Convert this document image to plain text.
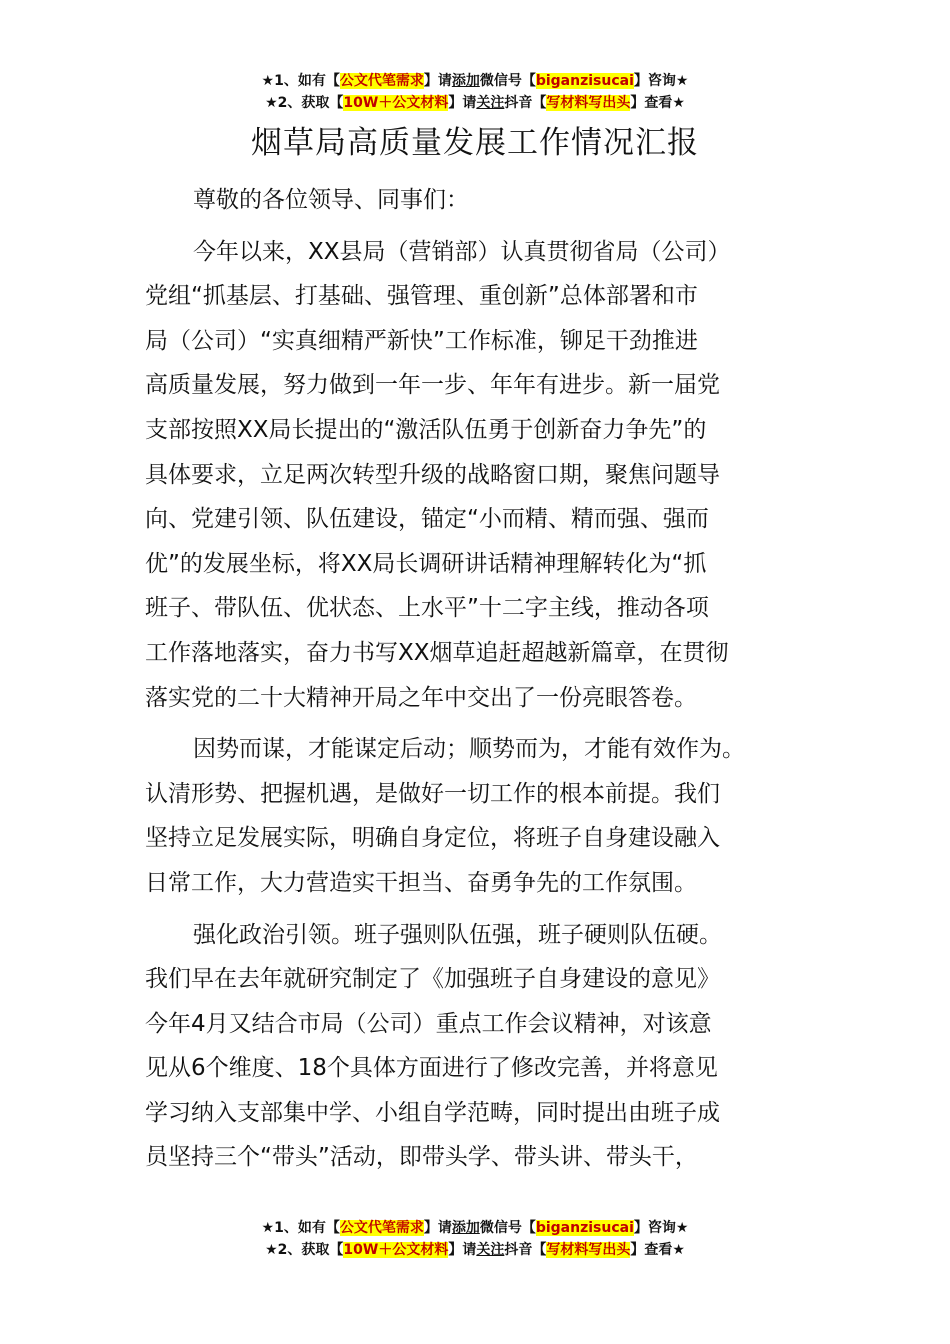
★1、如有【公文代笔需求】请添加微信号【biganzisucai】咨询★
★2、获取【10W＋公文材料】请关注抖音【写材料写出头】查看★
烟草局高质量发展工作情况汇报

尊敬的各位领导、同事们：

今年以来，XX县局（营销部）认真贯彻省局（公司）

党组“抓基层、打基础、强管理、重创新”总体部署和市

局（公司）“实真细精严新快”工作标准，铆足干劲推进

高质量发展，努力做到一年一步、年年有进步。新一届党

支部按照XX局长提出的“激活队伍勇于创新奋力争先”的

具体要求，立足两次转型升级的战略窗口期，聚焦问题导

向、党建引领、队伍建设，锚定“小而精、精而强、强而

优”的发展坐标，将XX局长调研讲话精神理解转化为“抓

班子、带队伍、优状态、上水平”十二字主线，推动各项

工作落地落实，奋力书写XX烟草追赶超越新篇章，在贯彻

落实党的二十大精神开局之年中交出了一份亮眼答卷。

因势而谋，才能谋定后动；顺势而为，才能有效作为。

认清形势、把握机遇，是做好一切工作的根本前提。我们

坚持立足发展实际，明确自身定位，将班子自身建设融入

日常工作，大力营造实干担当、奋勇争先的工作氛围。

强化政治引领。班子强则队伍强，班子硬则队伍硬。

我们早在去年就研究制定了《加强班子自身建设的意见》

今年4月又结合市局（公司）重点工作会议精神，对该意

见从6个维度、18个具体方面进行了修改完善，并将意见

学习纳入支部集中学、小组自学范畴，同时提出由班子成

员坚持三个“带头”活动，即带头学、带头讲、带头干，

★1、如有【公文代笔需求】请添加微信号【biganzisucai】咨询★
★2、获取【10W＋公文材料】请关注抖音【写材料写出头】查看★
